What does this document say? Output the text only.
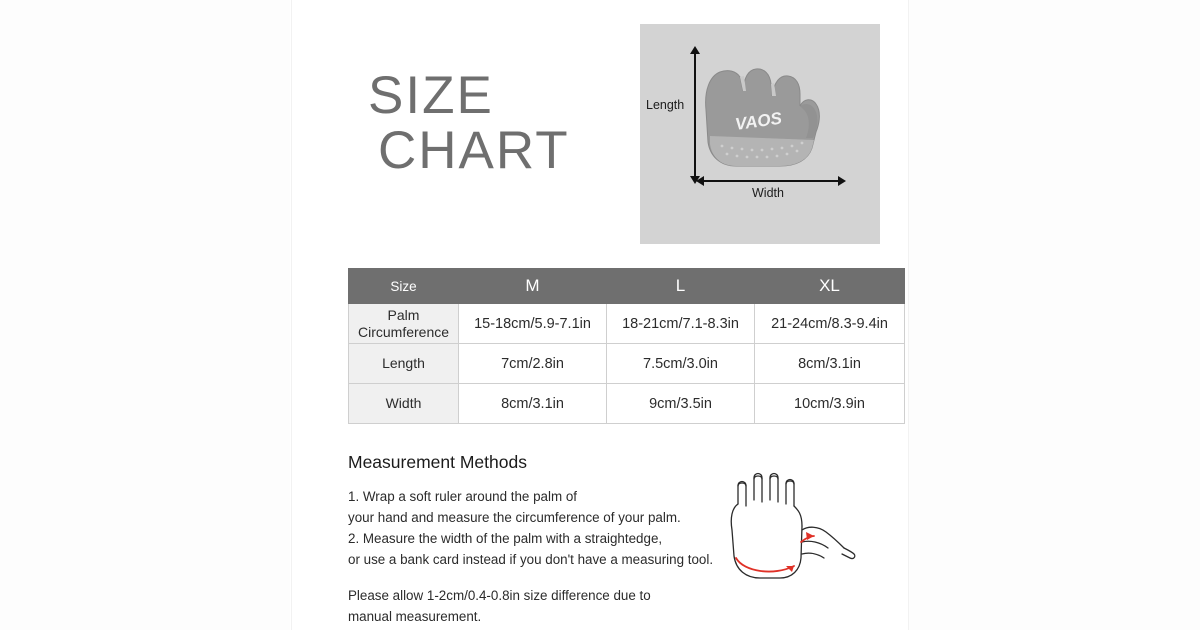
SIZE
CHART	VAOS
Length
Width
Size	M	L	XL
Palm Circumference	15-18cm/5.9-7.1in	18-21cm/7.1-8.3in	21-24cm/8.3-9.4in
Length	7cm/2.8in	7.5cm/3.0in	8cm/3.1in
Width	8cm/3.1in	9cm/3.5in	10cm/3.9in
Measurement Methods

1. Wrap a soft ruler around the palm of

your hand and measure the circumference of your palm.

2. Measure the width of the palm with a straightedge,

or use a bank card instead if you don't have a measuring tool.

Please allow 1-2cm/0.4-0.8in size difference due to

manual measurement.
